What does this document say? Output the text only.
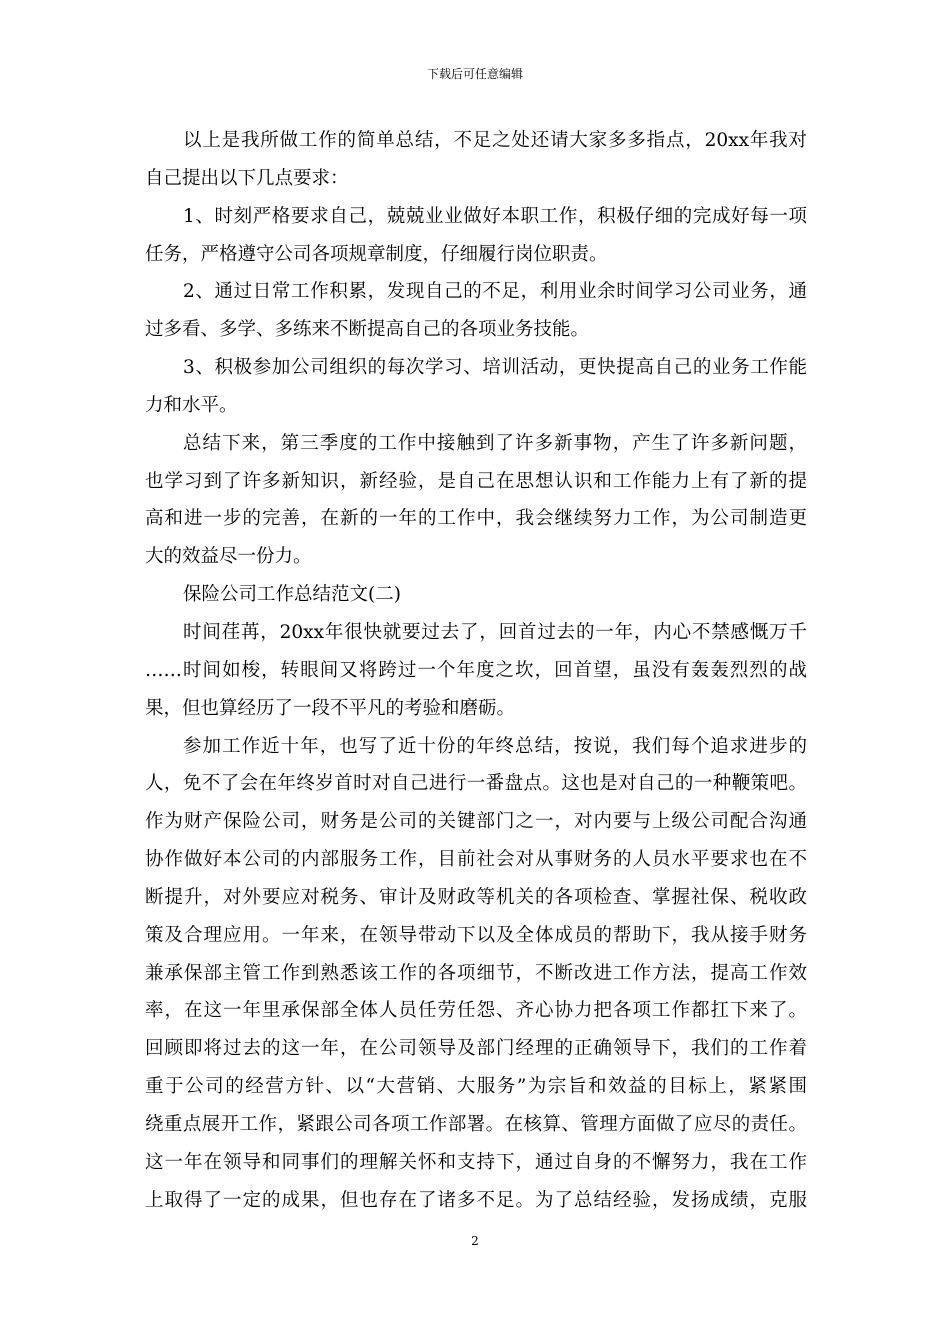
下载后可任意编辑
以上是我所做工作的简单总结，不足之处还请大家多多指点，20xx年我对
自己提出以下几点要求：
1、时刻严格要求自己，兢兢业业做好本职工作，积极仔细的完成好每一项
任务，严格遵守公司各项规章制度，仔细履行岗位职责。
2、通过日常工作积累，发现自己的不足，利用业余时间学习公司业务，通
过多看、多学、多练来不断提高自己的各项业务技能。
3、积极参加公司组织的每次学习、培训活动，更快提高自己的业务工作能
力和水平。
总结下来，第三季度的工作中接触到了许多新事物，产生了许多新问题，
也学习到了许多新知识，新经验，是自己在思想认识和工作能力上有了新的提
高和进一步的完善，在新的一年的工作中，我会继续努力工作，为公司制造更
大的效益尽一份力。
保险公司工作总结范文(二)
时间荏苒，20xx年很快就要过去了，回首过去的一年，内心不禁感慨万千
……时间如梭，转眼间又将跨过一个年度之坎，回首望，虽没有轰轰烈烈的战
果，但也算经历了一段不平凡的考验和磨砺。
参加工作近十年，也写了近十份的年终总结，按说，我们每个追求进步的
人，免不了会在年终岁首时对自己进行一番盘点。这也是对自己的一种鞭策吧。
作为财产保险公司，财务是公司的关键部门之一，对内要与上级公司配合沟通
协作做好本公司的内部服务工作，目前社会对从事财务的人员水平要求也在不
断提升，对外要应对税务、审计及财政等机关的各项检查、掌握社保、税收政
策及合理应用。一年来，在领导带动下以及全体成员的帮助下，我从接手财务
兼承保部主管工作到熟悉该工作的各项细节，不断改进工作方法，提高工作效
率，在这一年里承保部全体人员任劳任怨、齐心协力把各项工作都扛下来了。
回顾即将过去的这一年，在公司领导及部门经理的正确领导下，我们的工作着
重于公司的经营方针、以“大营销、大服务”为宗旨和效益的目标上，紧紧围
绕重点展开工作，紧跟公司各项工作部署。在核算、管理方面做了应尽的责任。
这一年在领导和同事们的理解关怀和支持下，通过自身的不懈努力，我在工作
上取得了一定的成果，但也存在了诸多不足。为了总结经验，发扬成绩，克服
2
